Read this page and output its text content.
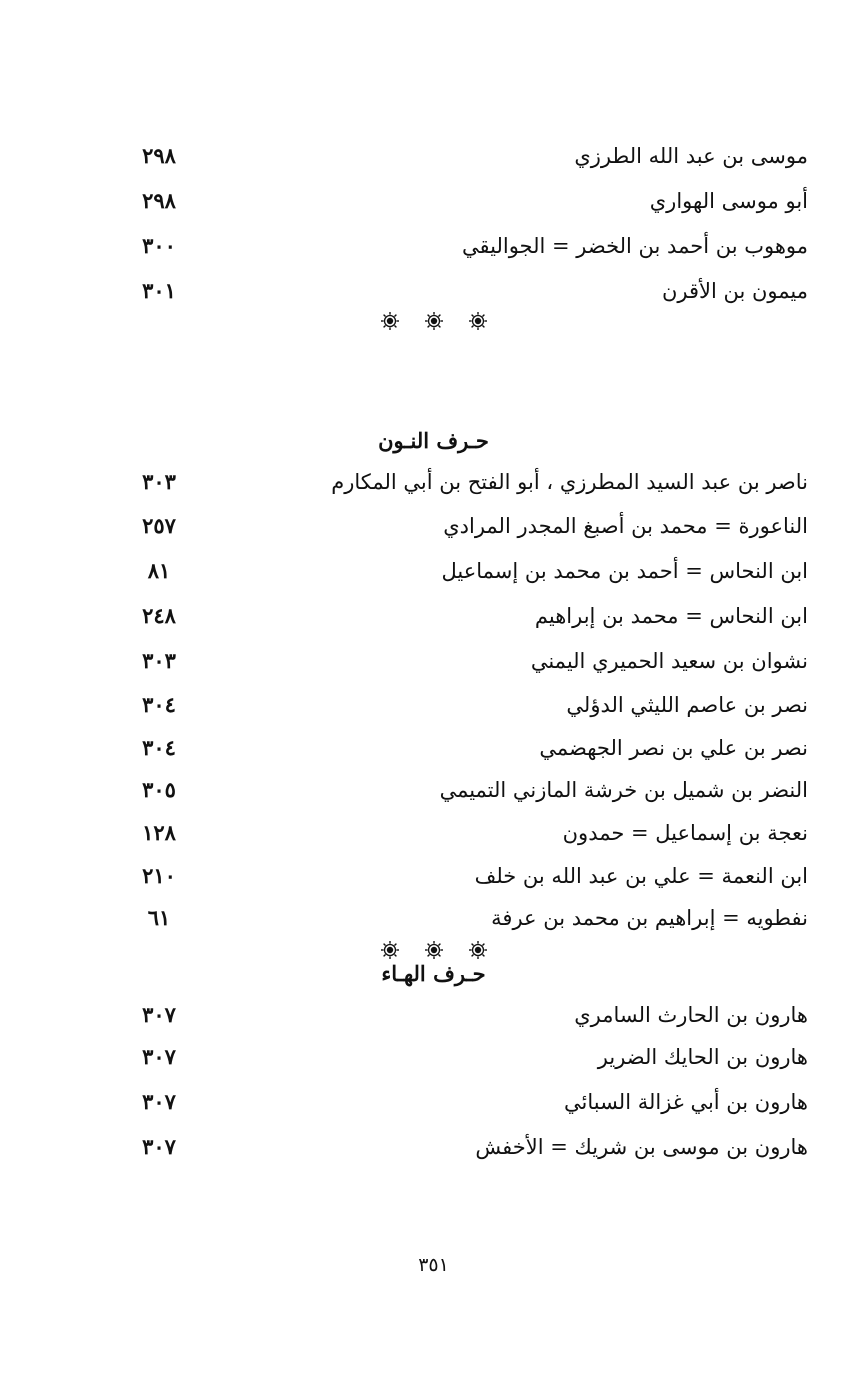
موسى بن عبد الله الطرزي
٢٩٨
أبو موسى الهواري
٢٩٨
موهوب بن أحمد بن الخضر = الجواليقي
٣٠٠
ميمون بن الأقرن
٣٠١
حـرف النـون
ناصر بن عبد السيد المطرزي ، أبو الفتح بن أبي المكارم
٣٠٣
الناعورة = محمد بن أصبغ المجدر المرادي
٢٥٧
ابن النحاس = أحمد بن محمد بن إسماعيل
٨١
ابن النحاس = محمد بن إبراهيم
٢٤٨
نشوان بن سعيد الحميري اليمني
٣٠٣
نصر بن عاصم الليثي الدؤلي
٣٠٤
نصر بن علي بن نصر الجهضمي
٣٠٤
النضر بن شميل بن خرشة المازني التميمي
٣٠٥
نعجة بن إسماعيل = حمدون
١٢٨
ابن النعمة = علي بن عبد الله بن خلف
٢١٠
نفطويه = إبراهيم بن محمد بن عرفة
٦١
حـرف الهـاء
هارون بن الحارث السامري
٣٠٧
هارون بن الحايك الضرير
٣٠٧
هارون بن أبي غزالة السبائي
٣٠٧
هارون بن موسى بن شريك = الأخفش
٣٠٧
٣٥١
